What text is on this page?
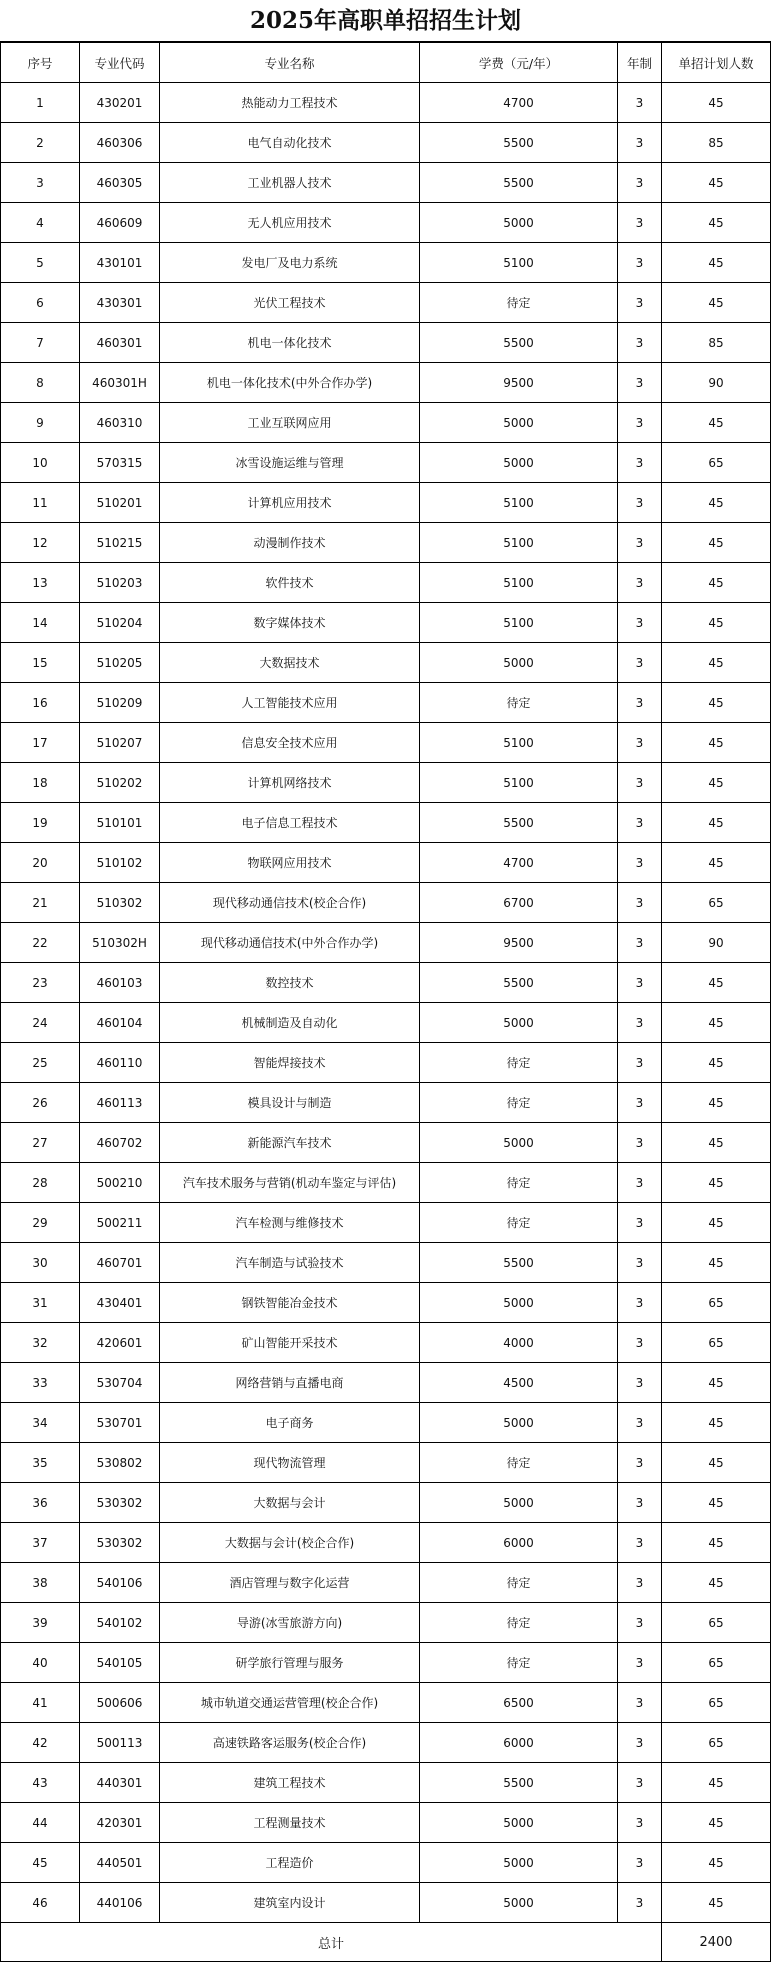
2025年高职单招招生计划
序号	专业代码	专业名称	学费（元/年）	年制	单招计划人数
1	430201	热能动力工程技术	4700	3	45
2	460306	电气自动化技术	5500	3	85
3	460305	工业机器人技术	5500	3	45
4	460609	无人机应用技术	5000	3	45
5	430101	发电厂及电力系统	5100	3	45
6	430301	光伏工程技术	待定	3	45
7	460301	机电一体化技术	5500	3	85
8	460301H	机电一体化技术(中外合作办学)	9500	3	90
9	460310	工业互联网应用	5000	3	45
10	570315	冰雪设施运维与管理	5000	3	65
11	510201	计算机应用技术	5100	3	45
12	510215	动漫制作技术	5100	3	45
13	510203	软件技术	5100	3	45
14	510204	数字媒体技术	5100	3	45
15	510205	大数据技术	5000	3	45
16	510209	人工智能技术应用	待定	3	45
17	510207	信息安全技术应用	5100	3	45
18	510202	计算机网络技术	5100	3	45
19	510101	电子信息工程技术	5500	3	45
20	510102	物联网应用技术	4700	3	45
21	510302	现代移动通信技术(校企合作)	6700	3	65
22	510302H	现代移动通信技术(中外合作办学)	9500	3	90
23	460103	数控技术	5500	3	45
24	460104	机械制造及自动化	5000	3	45
25	460110	智能焊接技术	待定	3	45
26	460113	模具设计与制造	待定	3	45
27	460702	新能源汽车技术	5000	3	45
28	500210	汽车技术服务与营销(机动车鉴定与评估)	待定	3	45
29	500211	汽车检测与维修技术	待定	3	45
30	460701	汽车制造与试验技术	5500	3	45
31	430401	钢铁智能冶金技术	5000	3	65
32	420601	矿山智能开采技术	4000	3	65
33	530704	网络营销与直播电商	4500	3	45
34	530701	电子商务	5000	3	45
35	530802	现代物流管理	待定	3	45
36	530302	大数据与会计	5000	3	45
37	530302	大数据与会计(校企合作)	6000	3	45
38	540106	酒店管理与数字化运营	待定	3	45
39	540102	导游(冰雪旅游方向)	待定	3	65
40	540105	研学旅行管理与服务	待定	3	65
41	500606	城市轨道交通运营管理(校企合作)	6500	3	65
42	500113	高速铁路客运服务(校企合作)	6000	3	65
43	440301	建筑工程技术	5500	3	45
44	420301	工程测量技术	5000	3	45
45	440501	工程造价	5000	3	45
46	440106	建筑室内设计	5000	3	45
总计					2400
